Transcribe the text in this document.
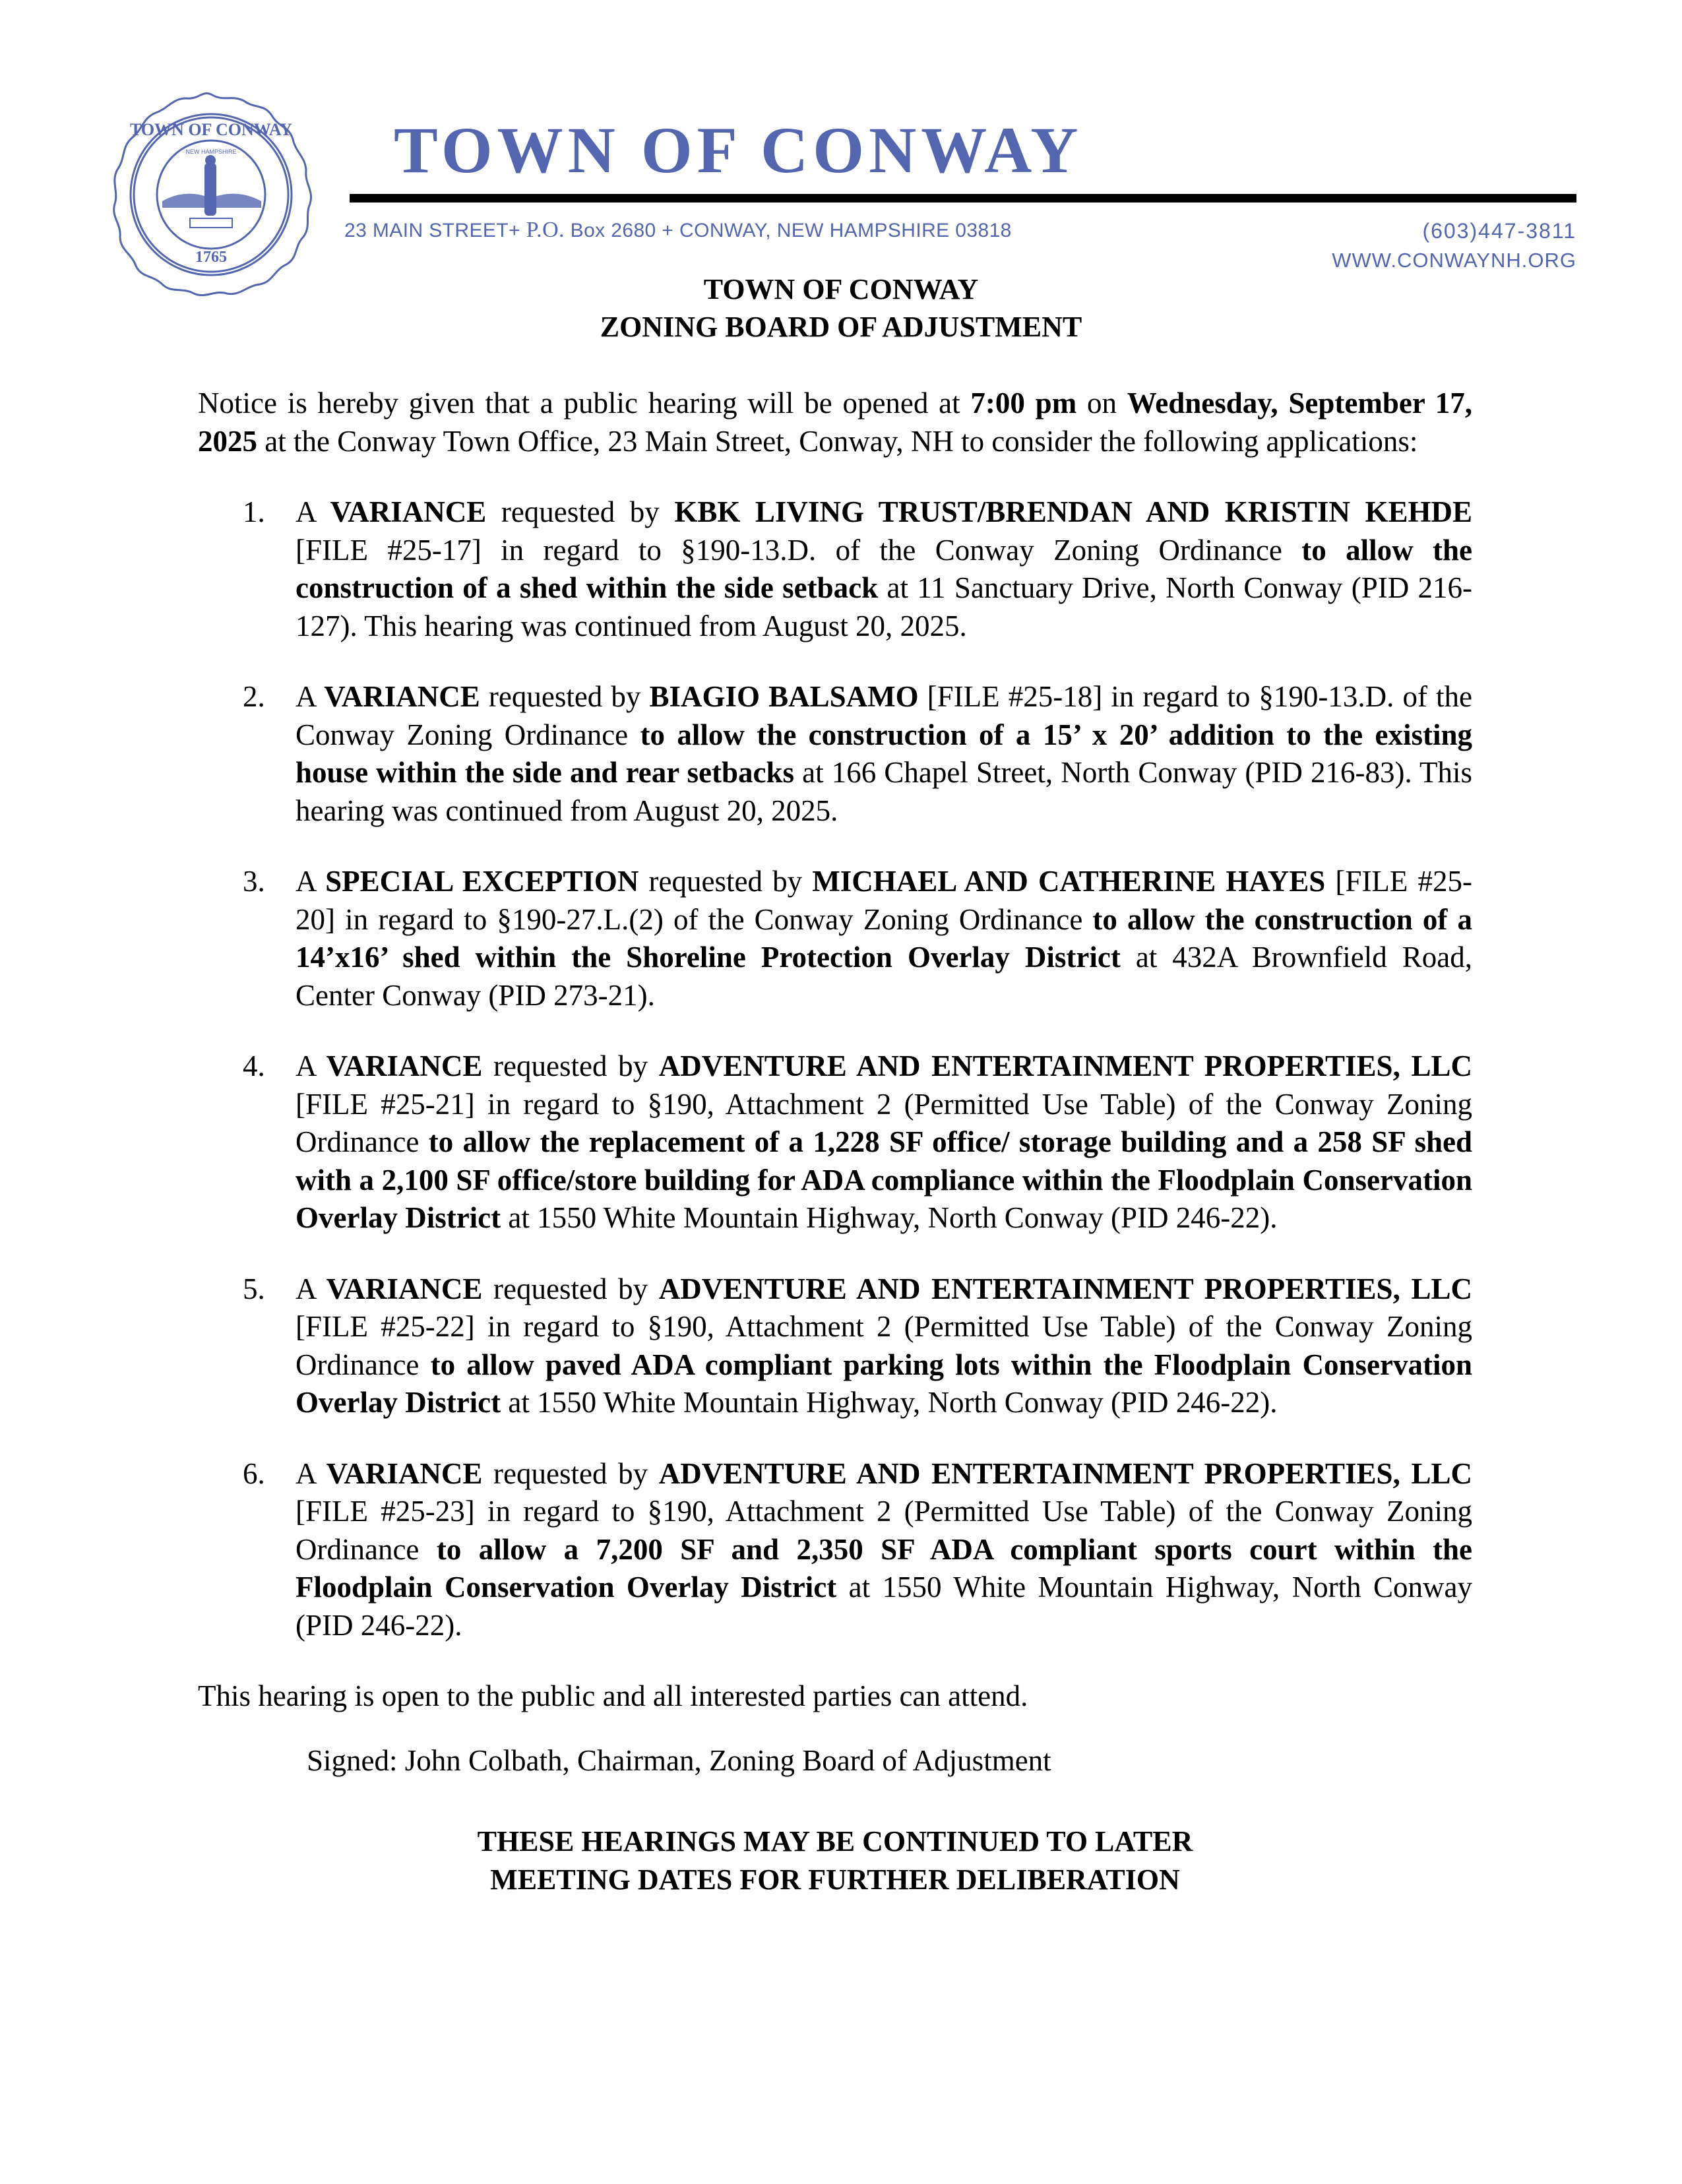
TOWN OF CONWAY
NEW HAMPSHIRE
1765
TOWN OF CONWAY
23 MAIN STREET+ P.O. Box 2680 + CONWAY, NEW HAMPSHIRE 03818	(603)447-3811
WWW.CONWAYNH.ORG
TOWN OF CONWAY
ZONING BOARD OF ADJUSTMENT

Notice is hereby given that a public hearing will be opened at 7:00 pm on Wednesday, September 17, 2025 at the Conway Town Office, 23 Main Street, Conway, NH to consider the following applications:

1. A VARIANCE requested by KBK LIVING TRUST/BRENDAN AND KRISTIN KEHDE [FILE #25-17] in regard to §190-13.D. of the Conway Zoning Ordinance to allow the construction of a shed within the side setback at 11 Sanctuary Drive, North Conway (PID 216-127). This hearing was continued from August 20, 2025.
2. A VARIANCE requested by BIAGIO BALSAMO [FILE #25-18] in regard to §190-13.D. of the Conway Zoning Ordinance to allow the construction of a 15’ x 20’ addition to the existing house within the side and rear setbacks at 166 Chapel Street, North Conway (PID 216-83). This hearing was continued from August 20, 2025.
3. A SPECIAL EXCEPTION requested by MICHAEL AND CATHERINE HAYES [FILE #25-20] in regard to §190-27.L.(2) of the Conway Zoning Ordinance to allow the construction of a 14’x16’ shed within the Shoreline Protection Overlay District at 432A Brownfield Road, Center Conway (PID 273-21).
4. A VARIANCE requested by ADVENTURE AND ENTERTAINMENT PROPERTIES, LLC [FILE #25-21] in regard to §190, Attachment 2 (Permitted Use Table) of the Conway Zoning Ordinance to allow the replacement of a 1,228 SF office/ storage building and a 258 SF shed with a 2,100 SF office/store building for ADA compliance within the Floodplain Conservation Overlay District at 1550 White Mountain Highway, North Conway (PID 246-22).
5. A VARIANCE requested by ADVENTURE AND ENTERTAINMENT PROPERTIES, LLC [FILE #25-22] in regard to §190, Attachment 2 (Permitted Use Table) of the Conway Zoning Ordinance to allow paved ADA compliant parking lots within the Floodplain Conservation Overlay District at 1550 White Mountain Highway, North Conway (PID 246-22).
6. A VARIANCE requested by ADVENTURE AND ENTERTAINMENT PROPERTIES, LLC [FILE #25-23] in regard to §190, Attachment 2 (Permitted Use Table) of the Conway Zoning Ordinance to allow a 7,200 SF and 2,350 SF ADA compliant sports court within the Floodplain Conservation Overlay District at 1550 White Mountain Highway, North Conway (PID 246-22).

This hearing is open to the public and all interested parties can attend.

Signed: John Colbath, Chairman, Zoning Board of Adjustment

THESE HEARINGS MAY BE CONTINUED TO LATER
MEETING DATES FOR FURTHER DELIBERATION
